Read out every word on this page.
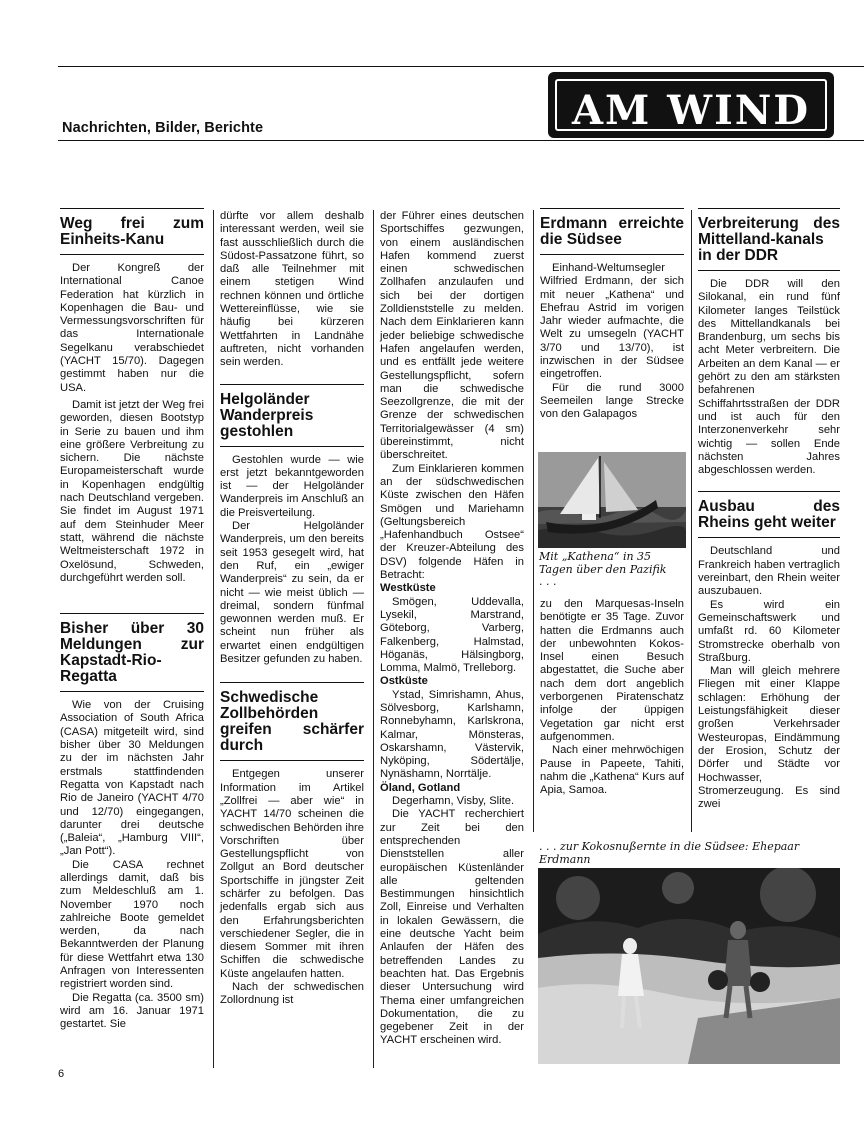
Nachrichten, Bilder, Berichte	AM WIND
Weg frei zum Einheits-Kanu

Der Kongreß der International Canoe Federation hat kürzlich in Kopenhagen die Bau- und Vermessungsvorschriften für das Internationale Segelkanu verabschiedet (YACHT 15/70). Dagegen gestimmt haben nur die USA.

Damit ist jetzt der Weg frei geworden, diesen Bootstyp in Serie zu bauen und ihm eine größere Verbreitung zu sichern. Die nächste Europameisterschaft wurde in Kopenhagen endgültig nach Deutschland vergeben. Sie findet im August 1971 auf dem Steinhuder Meer statt, während die nächste Weltmeisterschaft 1972 in Oxelösund, Schweden, durchgeführt werden soll.

Bisher über 30 Meldungen zur Kapstadt-Rio-Regatta

Wie von der Cruising Association of South Africa (CASA) mitgeteilt wird, sind bisher über 30 Meldungen zu der im nächsten Jahr erstmals stattfindenden Regatta von Kapstadt nach Rio de Janeiro (YACHT 4/70 und 12/70) eingegangen, darunter drei deutsche („Baleia“, „Hamburg VIII“, „Jan Pott“).

Die CASA rechnet allerdings damit, daß bis zum Meldeschluß am 1. November 1970 noch zahlreiche Boote gemeldet werden, da nach Bekanntwerden der Planung für diese Wettfahrt etwa 130 Anfragen von Interessenten registriert worden sind.

Die Regatta (ca. 3500 sm) wird am 16. Januar 1971 gestartet. Sie

dürfte vor allem deshalb interessant werden, weil sie fast ausschließlich durch die Südost-Passatzone führt, so daß alle Teilnehmer mit einem stetigen Wind rechnen können und örtliche Wettereinflüsse, wie sie häufig bei kürzeren Wettfahrten in Landnähe auftreten, nicht vorhanden sein werden.

Helgoländer Wanderpreis gestohlen

Gestohlen wurde — wie erst jetzt bekanntgeworden ist — der Helgoländer Wanderpreis im Anschluß an die Preisverteilung.

Der Helgoländer Wanderpreis, um den bereits seit 1953 gesegelt wird, hat den Ruf, ein „ewiger Wanderpreis“ zu sein, da er nicht — wie meist üblich — dreimal, sondern fünfmal gewonnen werden muß. Er scheint nun früher als erwartet einen endgültigen Besitzer gefunden zu haben.

Schwedische Zollbehörden greifen schärfer durch

Entgegen unserer Information im Artikel „Zollfrei — aber wie“ in YACHT 14/70 scheinen die schwedischen Behörden ihre Vorschriften über Gestellungspflicht von Zollgut an Bord deutscher Sportschiffe in jüngster Zeit schärfer zu befolgen. Das jedenfalls ergab sich aus den Erfahrungsberichten verschiedener Segler, die in diesem Sommer mit ihren Schiffen die schwedische Küste angelaufen hatten.

Nach der schwedischen Zollordnung ist

der Führer eines deutschen Sportschiffes gezwungen, von einem ausländischen Hafen kommend zuerst einen schwedischen Zollhafen anzulaufen und sich bei der dortigen Zolldienststelle zu melden. Nach dem Einklarieren kann jeder beliebige schwedische Hafen angelaufen werden, und es entfällt jede weitere Gestellungspflicht, sofern man die schwedische Seezollgrenze, die mit der Grenze der schwedischen Territorialgewässer (4 sm) übereinstimmt, nicht überschreitet.

Zum Einklarieren kommen an der südschwedischen Küste zwischen den Häfen Smögen und Mariehamn (Geltungsbereich „Hafenhandbuch Ostsee“ der Kreuzer-Abteilung des DSV) folgende Häfen in Betracht:

Westküste

Smögen, Uddevalla, Lysekil, Marstrand, Göteborg, Varberg, Falkenberg, Halmstad, Höganäs, Hälsingborg, Lomma, Malmö, Trelleborg.

Ostküste

Ystad, Simrishamn, Ahus, Sölvesborg, Karlshamn, Ronnebyhamn, Karlskrona, Kalmar, Mönsteras, Oskarshamn, Västervik, Nyköping, Södertälje, Nynäshamn, Norrtälje.

Öland, Gotland

Degerhamn, Visby, Slite.

Die YACHT recherchiert zur Zeit bei den entsprechenden Dienststellen aller europäischen Küstenländer alle geltenden Bestimmungen hinsichtlich Zoll, Einreise und Verhalten in lokalen Gewässern, die eine deutsche Yacht beim Anlaufen der Häfen des betreffenden Landes zu beachten hat. Das Ergebnis dieser Untersuchung wird Thema einer umfangreichen Dokumentation, die zu gegebener Zeit in der YACHT erscheinen wird.

Erdmann erreichte die Südsee

Einhand-Weltumsegler Wilfried Erdmann, der sich mit neuer „Kathena“ und Ehefrau Astrid im vorigen Jahr wieder aufmachte, die Welt zu umsegeln (YACHT 3/70 und 13/70), ist inzwischen in der Südsee eingetroffen.

Für die rund 3000 Seemeilen lange Strecke von den Galapagos

Mit „Kathena“ in 35 Tagen über den Pazifik . . .

zu den Marquesas-Inseln benötigte er 35 Tage. Zuvor hatten die Erdmanns auch der unbewohnten Kokos-Insel einen Besuch abgestattet, die Suche aber nach dem dort angeblich verborgenen Piratenschatz infolge der üppigen Vegetation gar nicht erst aufgenommen.

Nach einer mehrwöchigen Pause in Papeete, Tahiti, nahm die „Kathena“ Kurs auf Apia, Samoa.

Verbreiterung des Mittelland-kanals in der DDR

Die DDR will den Silokanal, ein rund fünf Kilometer langes Teilstück des Mittellandkanals bei Brandenburg, um sechs bis acht Meter verbreitern. Die Arbeiten an dem Kanal — er gehört zu den am stärksten befahrenen Schiffahrtsstraßen der DDR und ist auch für den Interzonenverkehr sehr wichtig — sollen Ende nächsten Jahres abgeschlossen werden.

Ausbau des Rheins geht weiter

Deutschland und Frankreich haben vertraglich vereinbart, den Rhein weiter auszubauen.

Es wird ein Gemeinschaftswerk und umfaßt rd. 60 Kilometer Stromstrecke oberhalb von Straßburg.

Man will gleich mehrere Fliegen mit einer Klappe schlagen: Erhöhung der Leistungsfähigkeit dieser großen Verkehrsader Westeuropas, Eindämmung der Erosion, Schutz der Dörfer und Städte vor Hochwasser, Stromerzeugung. Es sind zwei

. . . zur Kokosnußernte in die Südsee: Ehepaar Erdmann
6
